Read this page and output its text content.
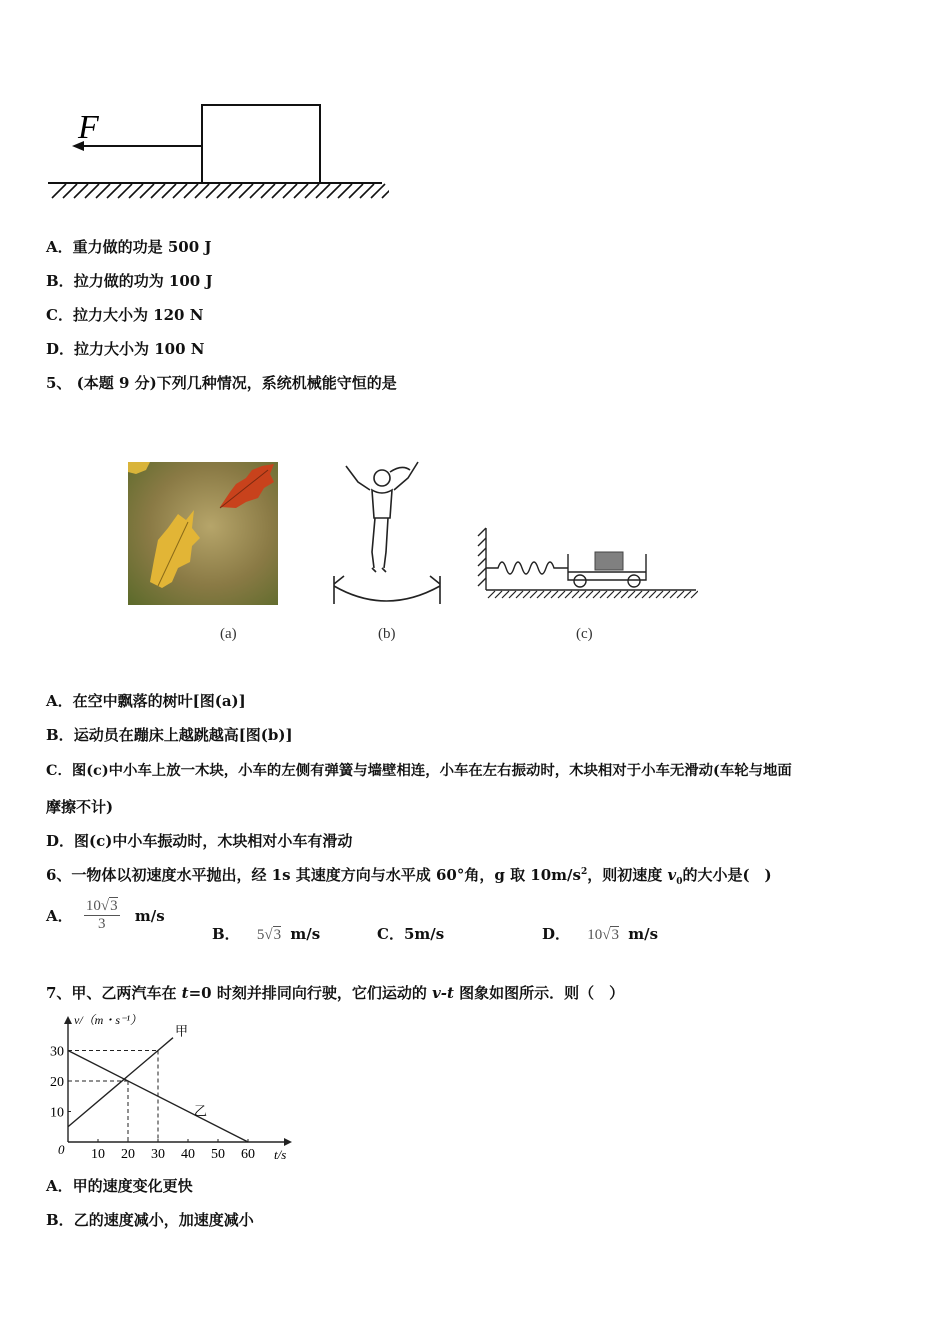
F
A．重力做的功是 500 J
B．拉力做的功为 100 J
C．拉力大小为 120 N
D．拉力大小为 100 N
5、 (本题 9 分)下列几种情况，系统机械能守恒的是
(a)	(b)	(c)
A．在空中飘落的树叶[图(a)]
B．运动员在蹦床上越跳越高[图(b)]
C．图(c)中小车上放一木块，小车的左侧有弹簧与墙壁相连，小车在左右振动时，木块相对于小车无滑动(车轮与地面
摩擦不计)
D．图(c)中小车振动时，木块相对小车有滑动
6、一物体以初速度水平抛出，经 1s 其速度方向与水平成 60°角，g 取 $10m/s^2$，则初速度 $v_0$的大小是(　)
A． $\frac{10√3}{3} m/s$
B． 5√3 m/s	C．5m/s	D． 10√3 m/s
7、甲、乙两汽车在 t=0 时刻并排同向行驶，它们运动的 v-t 图象如图所示．则（　）
v/（m・s⁻¹）
t/s
0 10 20 30 40 50 60
10
20
30
甲
乙
A．甲的速度变化更快
B．乙的速度减小，加速度减小
